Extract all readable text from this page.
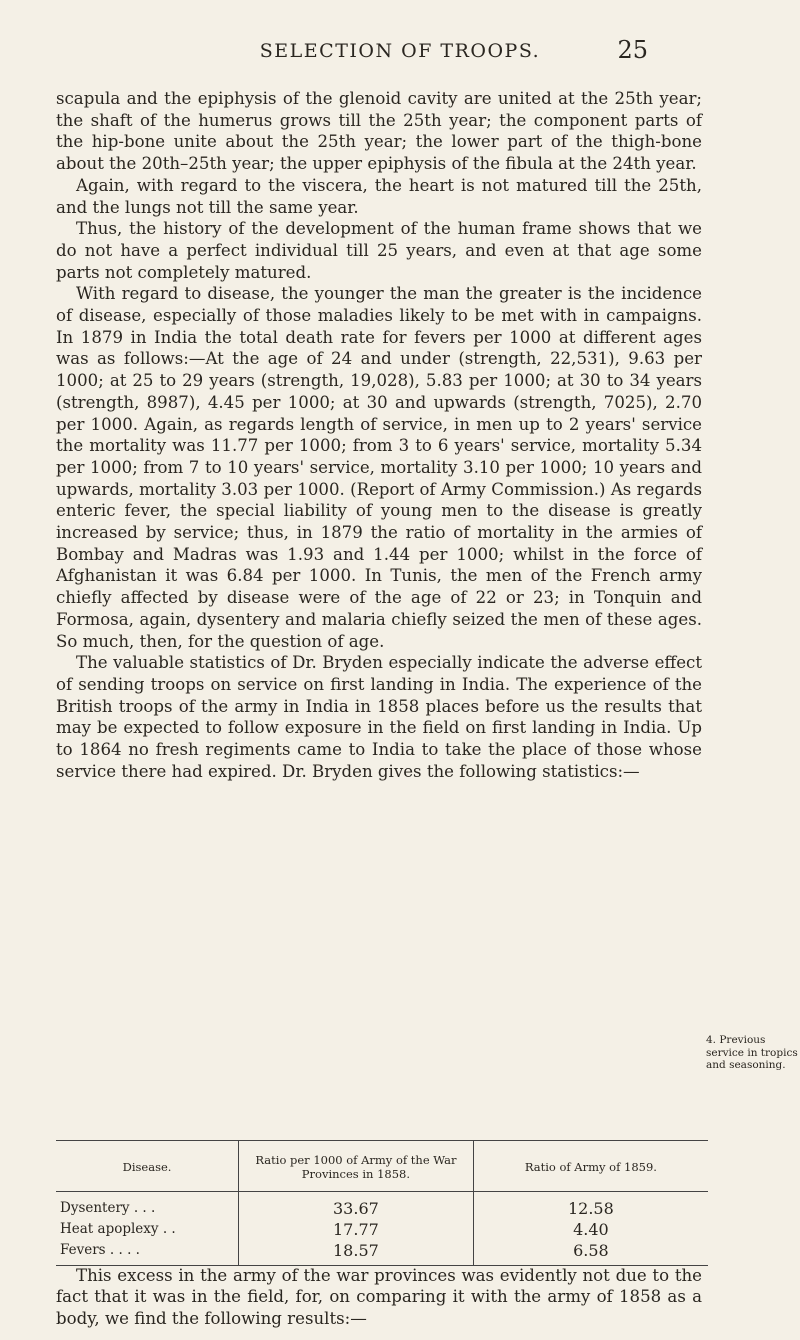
SELECTION OF TROOPS.	25

scapula and the epiphysis of the glenoid cavity are united at the 25th year; the shaft of the humerus grows till the 25th year; the component parts of the hip-bone unite about the 25th year; the lower part of the thigh-bone about the 20th–25th year; the upper epiphysis of the fibula at the 24th year.

Again, with regard to the viscera, the heart is not matured till the 25th, and the lungs not till the same year.

Thus, the history of the development of the human frame shows that we do not have a perfect individual till 25 years, and even at that age some parts not completely matured.

With regard to disease, the younger the man the greater is the incidence of disease, especially of those maladies likely to be met with in campaigns. In 1879 in India the total death rate for fevers per 1000 at different ages was as follows:—At the age of 24 and under (strength, 22,531), 9.63 per 1000; at 25 to 29 years (strength, 19,028), 5.83 per 1000; at 30 to 34 years (strength, 8987), 4.45 per 1000; at 30 and upwards (strength, 7025), 2.70 per 1000. Again, as regards length of service, in men up to 2 years' service the mortality was 11.77 per 1000; from 3 to 6 years' service, mortality 5.34 per 1000; from 7 to 10 years' service, mortality 3.10 per 1000; 10 years and upwards, mortality 3.03 per 1000. (Report of Army Commission.) As regards enteric fever, the special liability of young men to the disease is greatly increased by service; thus, in 1879 the ratio of mortality in the armies of Bombay and Madras was 1.93 and 1.44 per 1000; whilst in the force of Afghanistan it was 6.84 per 1000. In Tunis, the men of the French army chiefly affected by disease were of the age of 22 or 23; in Tonquin and Formosa, again, dysentery and malaria chiefly seized the men of these ages. So much, then, for the question of age.

The valuable statistics of Dr. Bryden especially indicate the adverse effect of sending troops on service on first landing in India. The experience of the British troops of the army in India in 1858 places before us the results that may be expected to follow exposure in the field on first landing in India. Up to 1864 no fresh regiments came to India to take the place of those whose service there had expired. Dr. Bryden gives the following statistics:—

4. Previous service in tropics and seasoning.
Disease.	Ratio per 1000 of Army of the War Provinces in 1858.	Ratio of Army of 1859.
Dysentery . . .	33.67	12.58
Heat apoplexy . .	17.77	4.40
Fevers . . . .	18.57	6.58

This excess in the army of the war provinces was evidently not due to the fact that it was in the field, for, on comparing it with the army of 1858 as a body, we find the following results:—
